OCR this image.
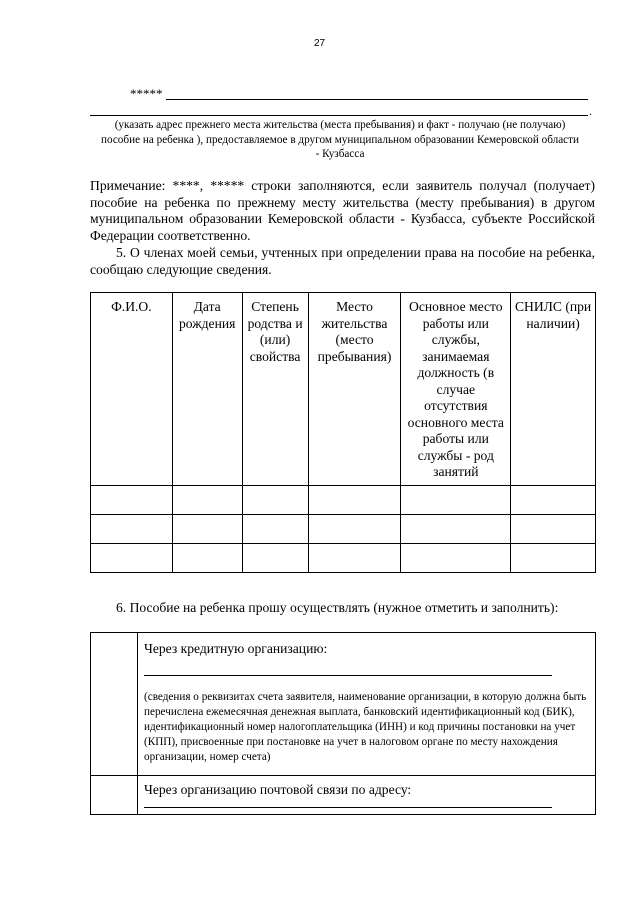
27
*****
.
(указать адрес прежнего места жительства (места пребывания) и факт - получаю (не получаю) пособие на ребенка ), предоставляемое в другом муниципальном образовании Кемеровской области - Кузбасса
Примечание: ****, ***** строки заполняются, если заявитель получал (получает) пособие на ребенка по прежнему месту жительства (месту пребывания) в другом муниципальном образовании Кемеровской области - Кузбасса, субъекте Российской Федерации соответственно.
5. О членах моей семьи, учтенных при определении права на пособие на ребенка, сообщаю следующие сведения.
Ф.И.О.	Дата рождения	Степень родства и (или) свойства	Место жительства (место пребывания)	Основное место работы или службы, занимаемая должность (в случае отсутствия основного места работы или службы - род занятий	СНИЛС (при наличии)

6. Пособие на ребенка прошу осуществлять (нужное отметить и заполнить):

	Через кредитную организацию:
(сведения о реквизитах счета заявителя, наименование организации, в которую должна быть перечислена ежемесячная денежная выплата, банковский идентификационный код (БИК), идентификационный номер налогоплательщика (ИНН) и код причины постановки на учет (КПП), присвоенные при постановке на учет в налоговом органе по месту нахождения организации, номер счета)

	Через организацию почтовой связи по адресу:
